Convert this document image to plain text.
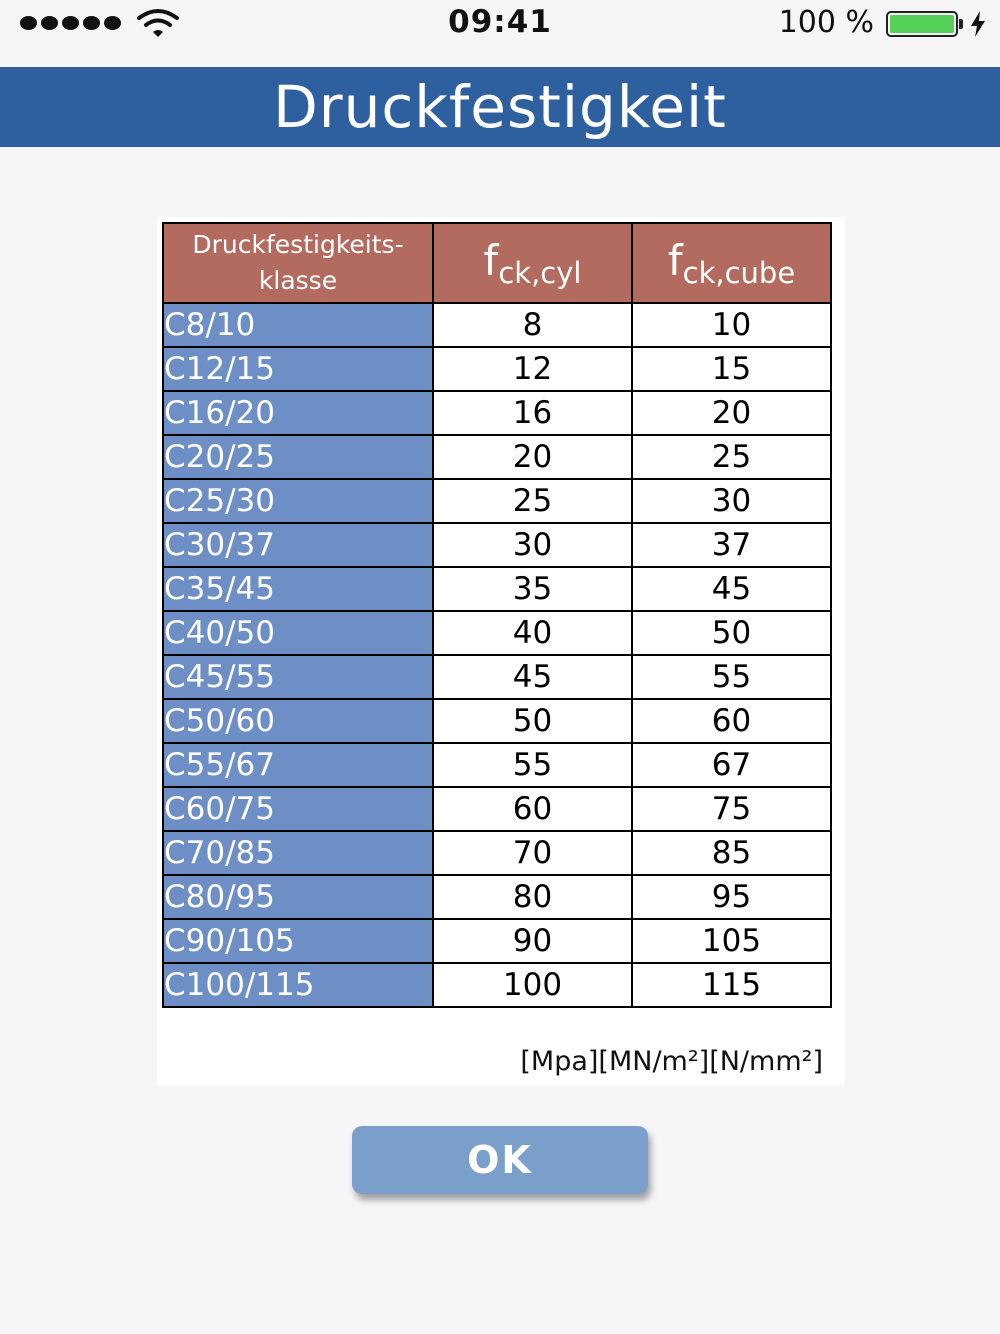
09:41	100 %
Druckfestigkeit
Druckfestigkeits-
klasse	fck,cyl	fck,cube

C8/10	8	10
C12/15	12	15
C16/20	16	20
C20/25	20	25
C25/30	25	30
C30/37	30	37
C35/45	35	45
C40/50	40	50
C45/55	45	55
C50/60	50	60
C55/67	55	67
C60/75	60	75
C70/85	70	85
C80/95	80	95
C90/105	90	105
C100/115	100	115
[Mpa][MN/m²][N/mm²]
OK
